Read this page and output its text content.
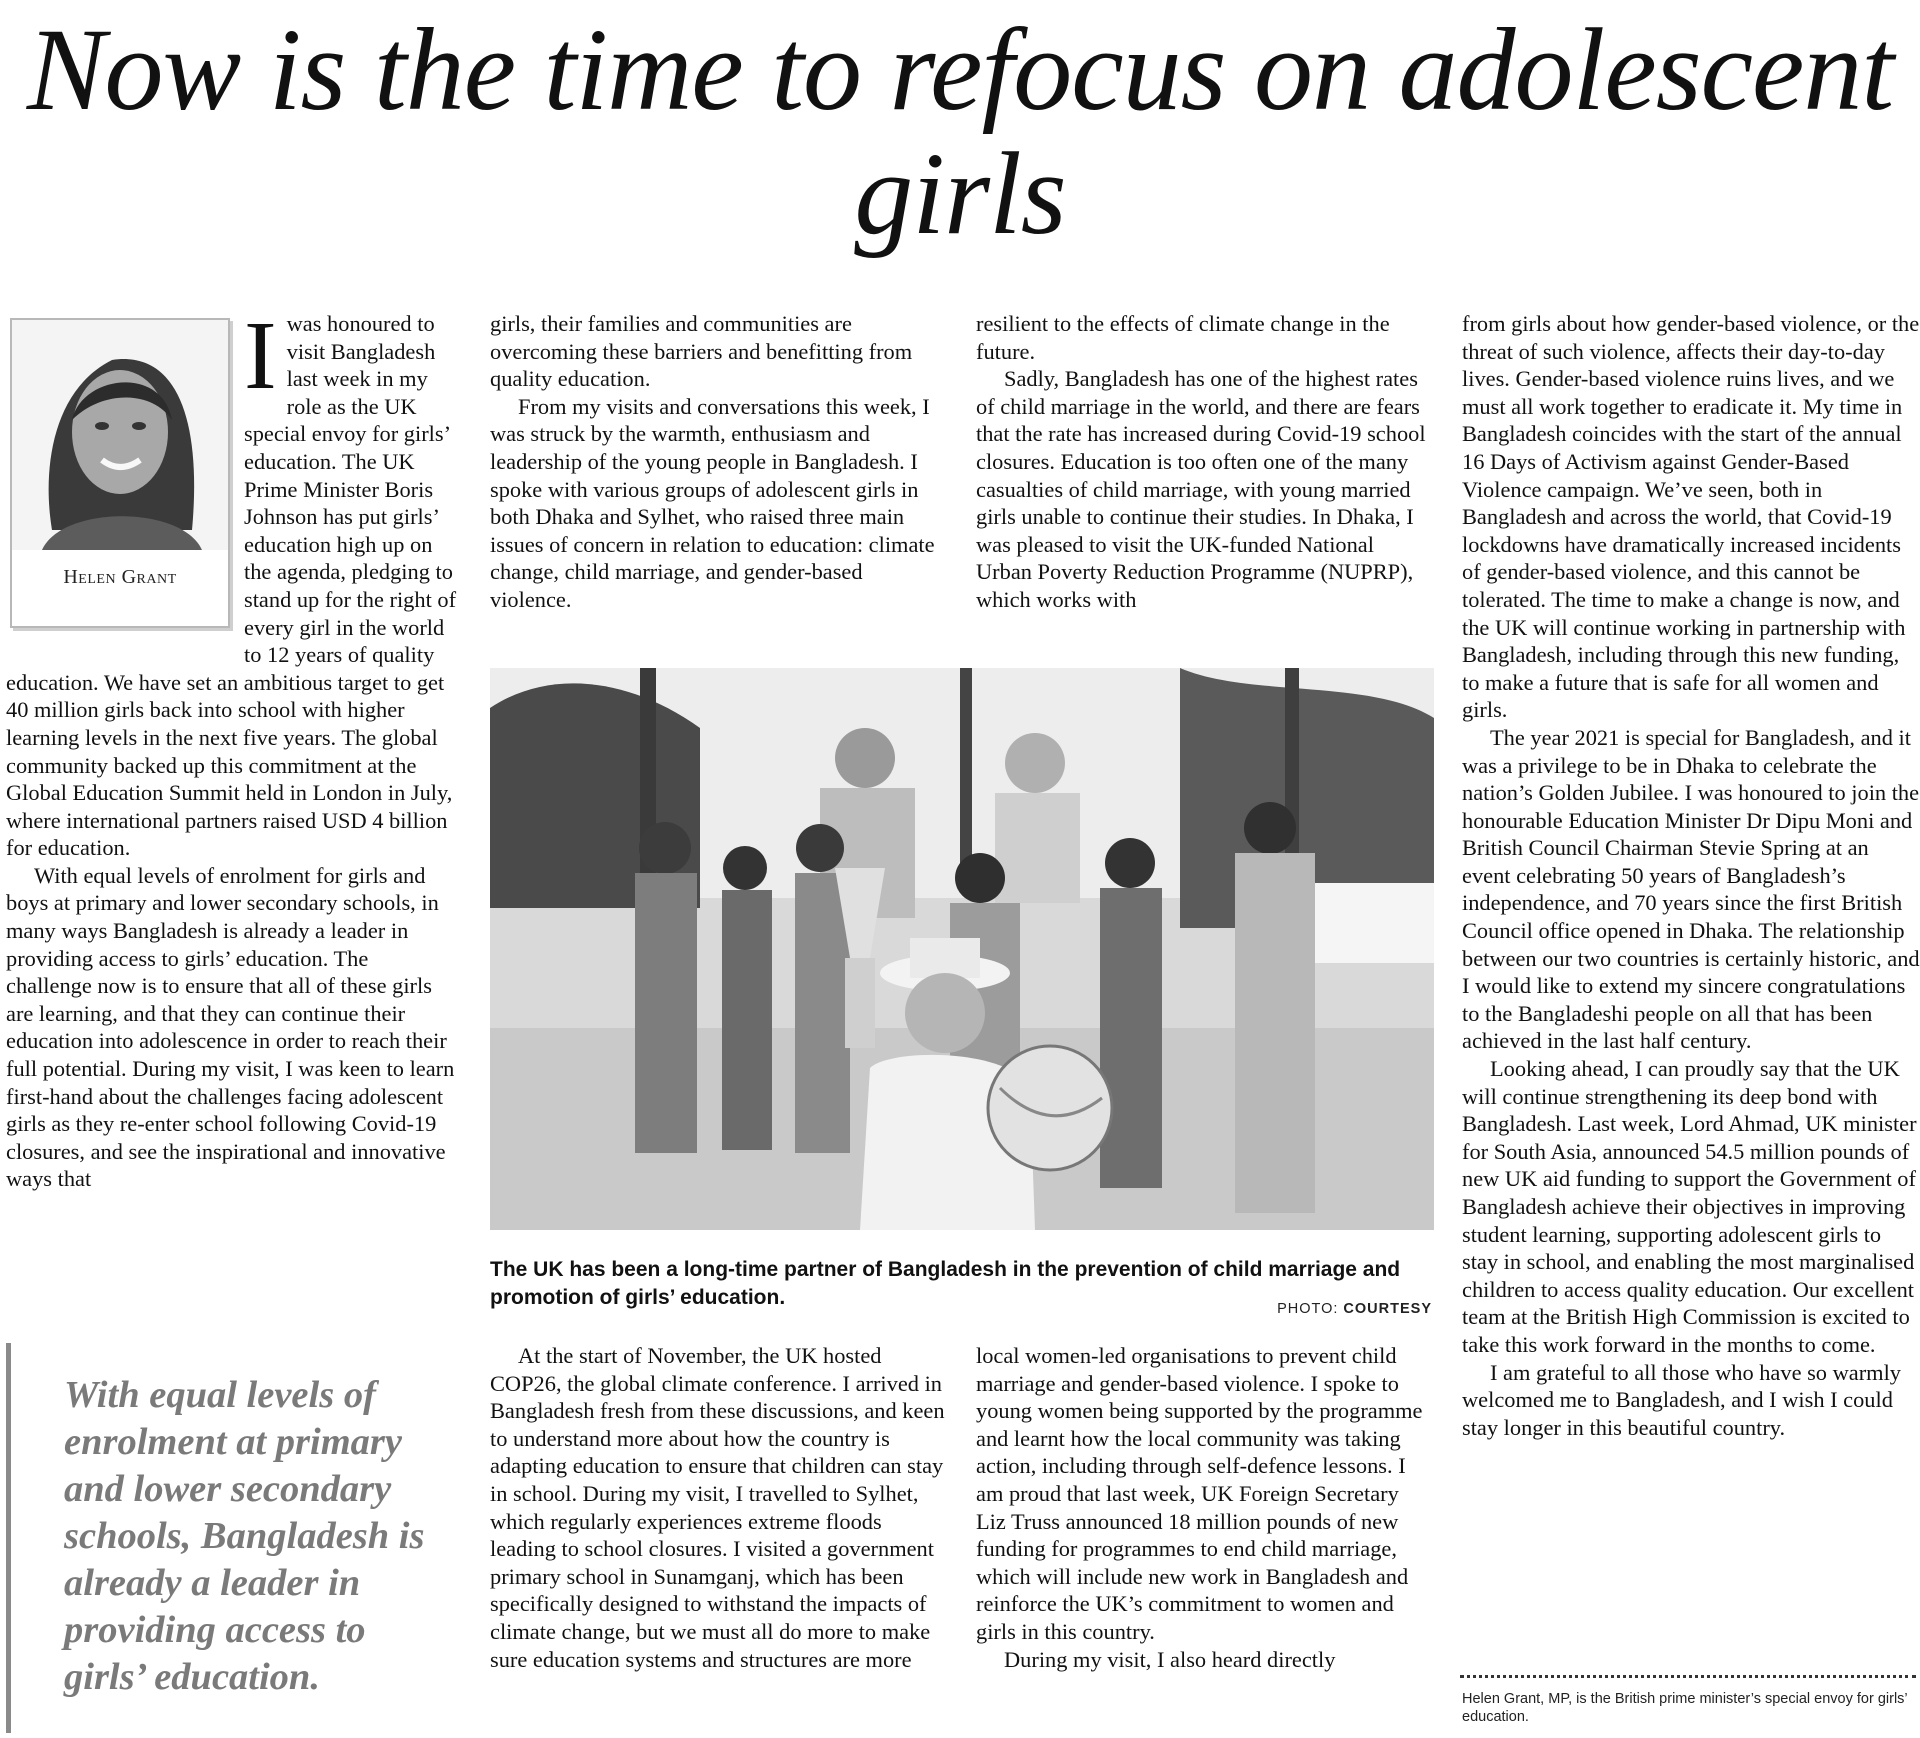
Now is the time to refocus on adolescent girls
Helen Grant

I was honoured to visit Bangladesh last week in my role as the UK special envoy for girls’ education. The UK Prime Minister Boris Johnson has put girls’ education high up on the agenda, pledging to stand up for the right of every girl in the world to 12 years of quality education. We have set an ambitious target to get 40 million girls back into school with higher learning levels in the next five years. The global community backed up this commitment at the Global Education Summit held in London in July, where international partners raised USD 4 billion for education.

With equal levels of enrolment for girls and boys at primary and lower secondary schools, in many ways Bangladesh is already a leader in providing access to girls’ education. The challenge now is to ensure that all of these girls are learning, and that they can continue their education into adolescence in order to reach their full potential. During my visit, I was keen to learn first-hand about the challenges facing adolescent girls as they re-enter school following Covid-19 closures, and see the inspirational and innovative ways that

girls, their families and communities are overcoming these barriers and benefitting from quality education.

From my visits and conversations this week, I was struck by the warmth, enthusiasm and leadership of the young people in Bangladesh. I spoke with various groups of adolescent girls in both Dhaka and Sylhet, who raised three main issues of concern in relation to education: climate change, child marriage, and gender-based violence.

resilient to the effects of climate change in the future.

Sadly, Bangladesh has one of the highest rates of child marriage in the world, and there are fears that the rate has increased during Covid-19 school closures. Education is too often one of the many casualties of child marriage, with young married girls unable to continue their studies. In Dhaka, I was pleased to visit the UK-funded National Urban Poverty Reduction Programme (NUPRP), which works with

The UK has been a long-time partner of Bangladesh in the prevention of child marriage and promotion of girls’ education.	PHOTO: COURTESY

At the start of November, the UK hosted COP26, the global climate conference. I arrived in Bangladesh fresh from these discussions, and keen to understand more about how the country is adapting education to ensure that children can stay in school. During my visit, I travelled to Sylhet, which regularly experiences extreme floods leading to school closures. I visited a government primary school in Sunamganj, which has been specifically designed to withstand the impacts of climate change, but we must all do more to make sure education systems and structures are more

local women-led organisations to prevent child marriage and gender-based violence. I spoke to young women being supported by the programme and learnt how the local community was taking action, including through self-defence lessons. I am proud that last week, UK Foreign Secretary Liz Truss announced 18 million pounds of new funding for programmes to end child marriage, which will include new work in Bangladesh and reinforce the UK’s commitment to women and girls in this country.

During my visit, I also heard directly

from girls about how gender-based violence, or the threat of such violence, affects their day-to-day lives. Gender-based violence ruins lives, and we must all work together to eradicate it. My time in Bangladesh coincides with the start of the annual 16 Days of Activism against Gender-Based Violence campaign. We’ve seen, both in Bangladesh and across the world, that Covid-19 lockdowns have dramatically increased incidents of gender-based violence, and this cannot be tolerated. The time to make a change is now, and the UK will continue working in partnership with Bangladesh, including through this new funding, to make a future that is safe for all women and girls.

The year 2021 is special for Bangladesh, and it was a privilege to be in Dhaka to celebrate the nation’s Golden Jubilee. I was honoured to join the honourable Education Minister Dr Dipu Moni and British Council Chairman Stevie Spring at an event celebrating 50 years of Bangladesh’s independence, and 70 years since the first British Council office opened in Dhaka. The relationship between our two countries is certainly historic, and I would like to extend my sincere congratulations to the Bangladeshi people on all that has been achieved in the last half century.

Looking ahead, I can proudly say that the UK will continue strengthening its deep bond with Bangladesh. Last week, Lord Ahmad, UK minister for South Asia, announced 54.5 million pounds of new UK aid funding to support the Government of Bangladesh achieve their objectives in improving student learning, supporting adolescent girls to stay in school, and enabling the most marginalised children to access quality education. Our excellent team at the British High Commission is excited to take this work forward in the months to come.

I am grateful to all those who have so warmly welcomed me to Bangladesh, and I wish I could stay longer in this beautiful country.

With equal levels of enrolment at primary and lower secondary schools, Bangladesh is already a leader in providing access to girls’ education.

Helen Grant, MP, is the British prime minister’s special envoy for girls’ education.
